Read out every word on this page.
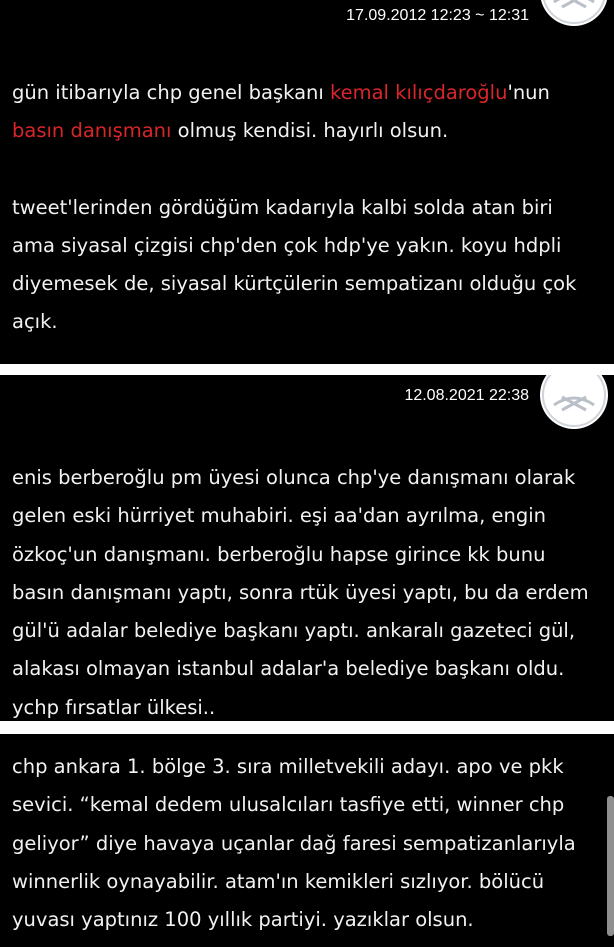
17.09.2012 12:23 ~ 12:31

gün itibarıyla chp genel başkanı kemal kılıçdaroğlu'nun

basın danışmanı olmuş kendisi. hayırlı olsun.

tweet'lerinden gördüğüm kadarıyla kalbi solda atan biri

ama siyasal çizgisi chp'den çok hdp'ye yakın. koyu hdpli

diyemesek de, siyasal kürtçülerin sempatizanı olduğu çok

açık.

12.08.2021 22:38

enis berberoğlu pm üyesi olunca chp'ye danışmanı olarak

gelen eski hürriyet muhabiri. eşi aa'dan ayrılma, engin

özkoç'un danışmanı. berberoğlu hapse girince kk bunu

basın danışmanı yaptı, sonra rtük üyesi yaptı, bu da erdem

gül'ü adalar belediye başkanı yaptı. ankaralı gazeteci gül,

alakası olmayan istanbul adalar'a belediye başkanı oldu.

ychp fırsatlar ülkesi..

chp ankara 1. bölge 3. sıra milletvekili adayı. apo ve pkk

sevici. “kemal dedem ulusalcıları tasfiye etti, winner chp

geliyor” diye havaya uçanlar dağ faresi sempatizanlarıyla

winnerlik oynayabilir. atam'ın kemikleri sızlıyor. bölücü

yuvası yaptınız 100 yıllık partiyi. yazıklar olsun.
